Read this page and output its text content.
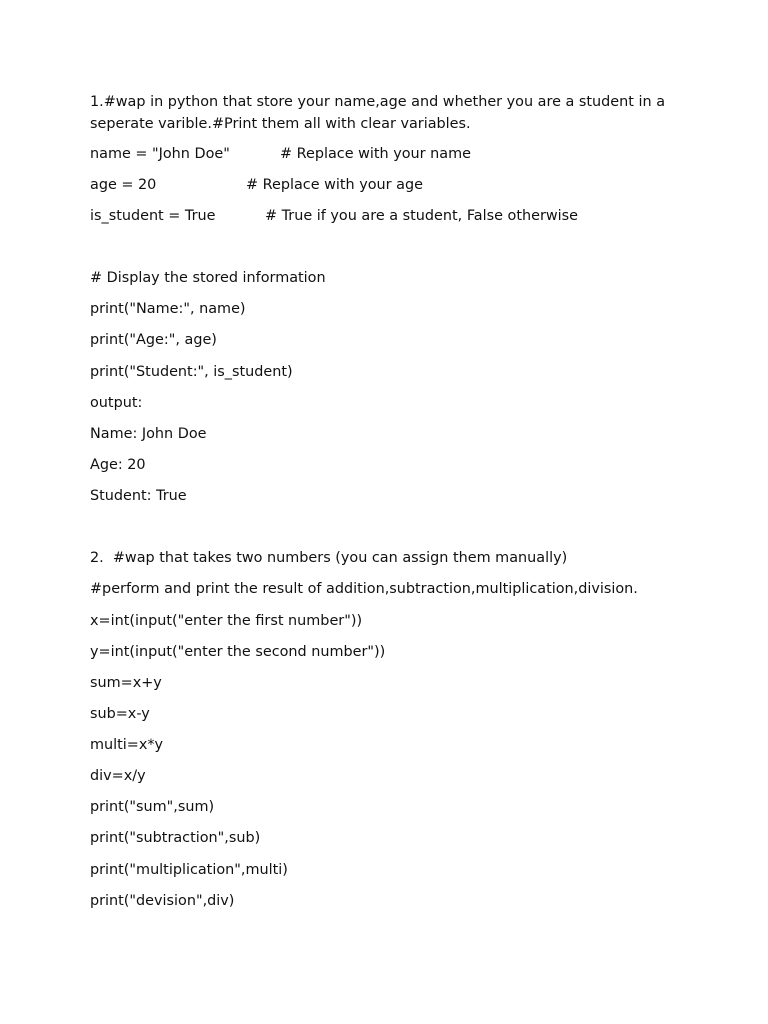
1.#wap in python that store your name,age and whether you are a student in a seperate varible.#Print them all with clear variables.
name = "John Doe"	# Replace with your name
age = 20	# Replace with your age
is_student = True	# True if you are a student, False otherwise
# Display the stored information
print("Name:", name)
print("Age:", age)
print("Student:", is_student)
output:
Name: John Doe
Age: 20
Student: True
2.  #wap that takes two numbers (you can assign them manually)
#perform and print the result of addition,subtraction,multiplication,division.
x=int(input("enter the first number"))
y=int(input("enter the second number"))
sum=x+y
sub=x-y
multi=x*y
div=x/y
print("sum",sum)
print("subtraction",sub)
print("multiplication",multi)
print("devision",div)
